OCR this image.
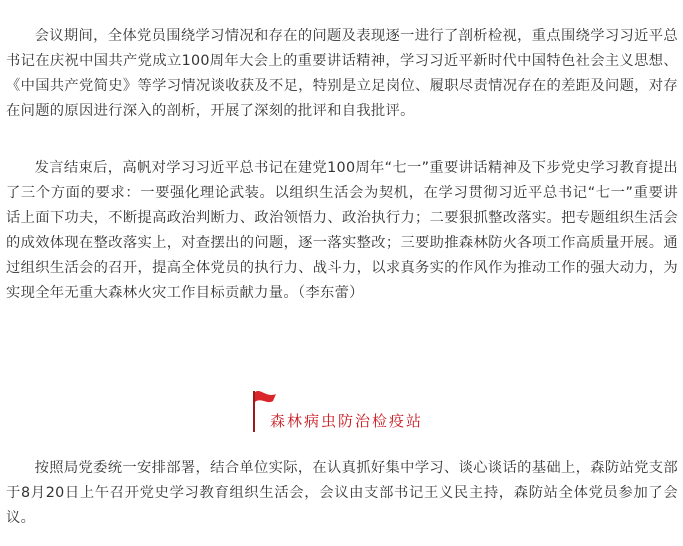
会议期间，全体党员围绕学习情况和存在的问题及表现逐一进行了剖析检视，重点围绕学习习近平总书记在庆祝中国共产党成立100周年大会上的重要讲话精神，学习习近平新时代中国特色社会主义思想、《中国共产党简史》等学习情况谈收获及不足，特别是立足岗位、履职尽责情况存在的差距及问题，对存在问题的原因进行深入的剖析，开展了深刻的批评和自我批评。

发言结束后，高帆对学习习近平总书记在建党100周年“七一”重要讲话精神及下步党史学习教育提出了三个方面的要求：一要强化理论武装。以组织生活会为契机，在学习贯彻习近平总书记“七一”重要讲话上面下功夫，不断提高政治判断力、政治领悟力、政治执行力；二要狠抓整改落实。把专题组织生活会的成效体现在整改落实上，对查摆出的问题，逐一落实整改；三要助推森林防火各项工作高质量开展。通过组织生活会的召开，提高全体党员的执行力、战斗力，以求真务实的作风作为推动工作的强大动力，为实现全年无重大森林火灾工作目标贡献力量。（李东蕾）

森林病虫防治检疫站

按照局党委统一安排部署，结合单位实际，在认真抓好集中学习、谈心谈话的基础上，森防站党支部于8月20日上午召开党史学习教育组织生活会，会议由支部书记王义民主持，森防站全体党员参加了会议。
